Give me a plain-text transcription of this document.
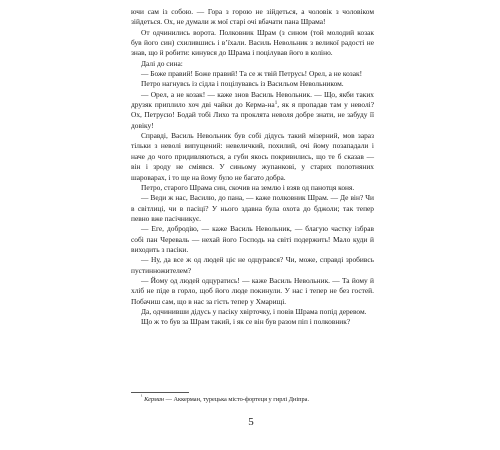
ючи сам із собою. — Гора з горою не зійдеться, а чоловік з чоловіком зійдеться. Ох, не думали ж мої старі очі вбачати пана Шрама!

От одчинились ворота. Полковник Шрам (з сином (той молодий козак був його син) схилившись і в’їхали. Василь Невольник з великої радості не знав, що й робити: кинувся до Шрама і поцілував його в коліно.

Далі до сина:

— Боже правий! Боже правий! Та се ж твій Петрусь! Орел, а не козак!

Петро нагнувсь із сідла і поцілувавсь із Васильом Невольником.

— Орел, а не козак! — каже знов Василь Невольник. — Що, якби таких друзяк приплило хоч дві чайки до Керма-$на^1$, як я пропадав там у неволі? Ох, Петрусю! Бодай тобі Лихо та проклята неволя добре знати, не забуду її довіку!

Справді, Василь Невольник був собі дідусь такий мізерний, мов зараз тільки з неволі випущений: невеличкий, похилий, очі йому позападали і наче до чого придивляються, а губи якось покривились, що те б сказав — він і зроду не сміявся. У синьому жупанкові, у старих полотняних шароварах, і то ще на йому було не багато добра.

Петро, старого Шрама син, скочив на землю і взяв од панотця коня.

— Веди ж нас, Василю, до пана, — каже полковник Шрам. — Де він? Чи в світлиці, чи в пасіці? У нього здавна була охота до бджоли; так тепер певно вже пасічникує.

— Еге, добродію, — каже Василь Невольник, — благую частку ізбрав собі пан Череваль — нехай його Господь на світі подержить! Мало куди й виходить з пасіки.

— Ну, да все ж од людей ціє не одцурався? Чи, може, справді зробивсь пустинножителем?

— Йому од людей одцуратись! — каже Василь Невольник. — Та йому й хліб не піде в горло, щоб його люде покинули. У нас і тепер не без гостей. Побачиш сам, що в нас за гість тепер у Хмарищі.

Да, одчинивши дідусь у пасіку хвірточку, і повів Шрама попід деревом.

Що ж то був за Шрам такий, і як се він був разом піп і полковник?

$^{^1}$ Керман — Аккерман, турецька місто-фортеця у гирлі Дніпра.
5
